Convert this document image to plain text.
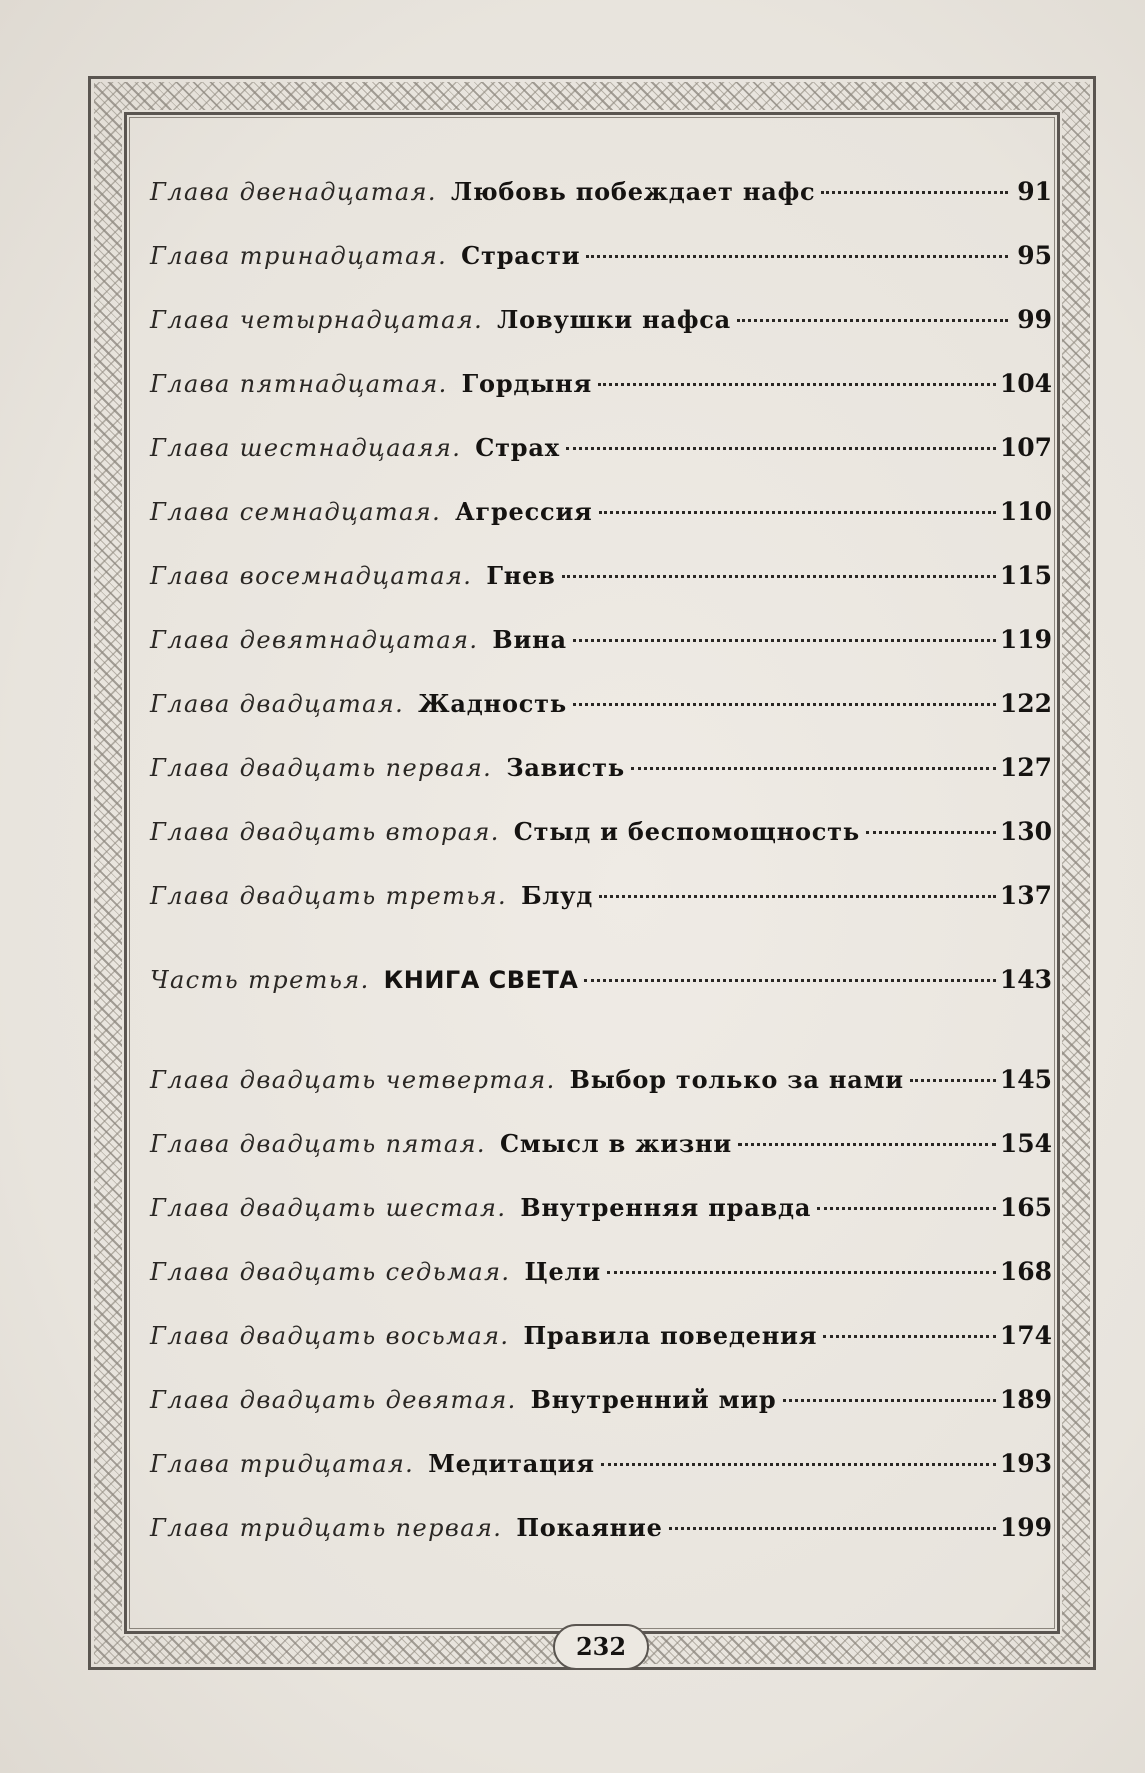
Глава двенадцатая. Любовь побеждает нафс	91
Глава тринадцатая. Страсти	95
Глава четырнадцатая. Ловушки нафса	99
Глава пятнадцатая. Гордыня	104
Глава шестнадцааяя. Страх	107
Глава семнадцатая. Агрессия	110
Глава восемнадцатая. Гнев	115
Глава девятнадцатая. Вина	119
Глава двадцатая. Жадность	122
Глава двадцать первая. Зависть	127
Глава двадцать вторая. Стыд и беспомощность	130
Глава двадцать третья. Блуд	137
Часть третья. КНИГА СВЕТА	143
Глава двадцать четвертая. Выбор только за нами	145
Глава двадцать пятая. Смысл в жизни	154
Глава двадцать шестая. Внутренняя правда	165
Глава двадцать седьмая. Цели	168
Глава двадцать восьмая. Правила поведения	174
Глава двадцать девятая. Внутренний мир	189
Глава тридцатая. Медитация	193
Глава тридцать первая. Покаяние	199
232
